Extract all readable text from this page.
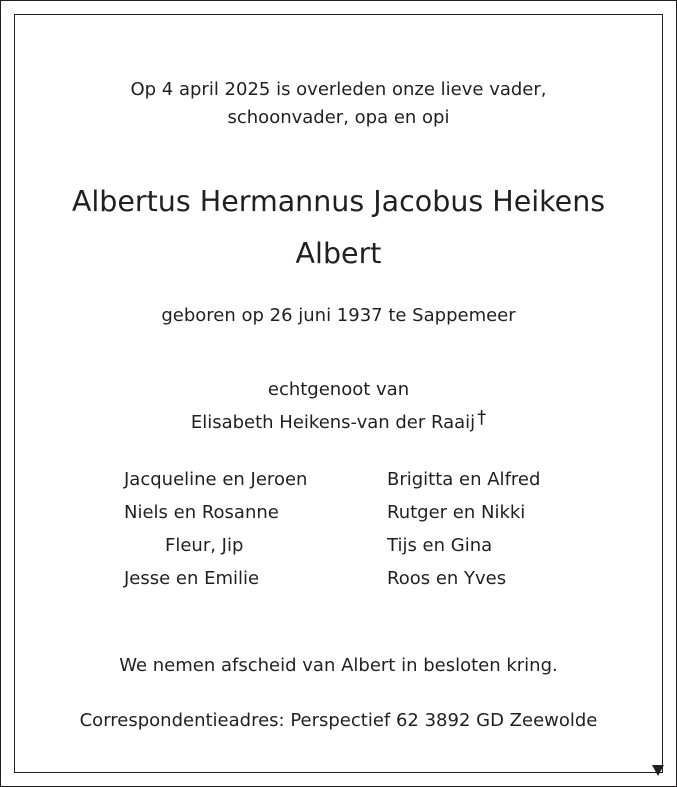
Op 4 april 2025 is overleden onze lieve vader,
schoonvader, opa en opi
Albertus Hermannus Jacobus Heikens
Albert
geboren op 26 juni 1937 te Sappemeer
echtgenoot van
Elisabeth Heikens-van der Raaij †
Jacqueline en Jeroen
Niels en Rosanne
Fleur, Jip
Jesse en Emilie
Brigitta en Alfred
Rutger en Nikki
Tijs en Gina
Roos en Yves
We nemen afscheid van Albert in besloten kring.
Correspondentieadres: Perspectief 62 3892 GD Zeewolde
